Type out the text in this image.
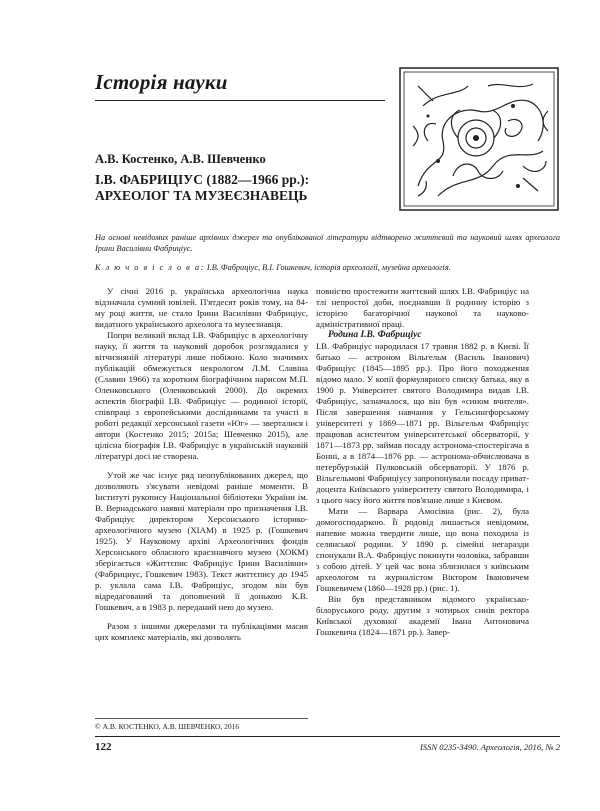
Історія науки
А.В. Костенко, А.В. Шевченко
І.В. ФАБРИЦІУС (1882—1966 рр.):
АРХЕОЛОГ ТА МУЗЕЄЗНАВЕЦЬ
На основі невідомих раніше архівних джерел та опублікованої літератури відтворено життєвий та науковий шлях археолога Ірини Василівни Фабриціус.
К л ю ч о в і с л о в а: І.В. Фабриціус, В.І. Гошкевич, історія археології, музейна археологія.

У січні 2016 р. українська археологічна наука відзначала сумний ювілей. П'ятдесят років тому, на 84-му році життя, не стало Ірини Василівни Фабриціус, видатного українського археолога та музеєзнавця.

Попри великий вклад І.В. Фабриціус в археологічну науку, її життя та науковий доробок розглядалися у вітчизняній літературі лише побіжно. Коло значимих публікацій обмежується некрологом Л.М. Славіна (Славин 1966) та коротким біографічним нарисом М.П. Оленковського (Оленковський 2000). До окремих аспектів біографії І.В. Фабриціус — родинної історії, співпраці з європейськими дослідниками та участі в роботі редакції херсонської газети «Юг» — зверталися і автори (Костенко 2015; 2015а; Шевченко 2015), але цілісна біографія І.В. Фабриціус в українській науковій літературі досі не створена.

Утой же час існує ряд неопублікованих джерел, що дозволяють з'ясувати невідомі раніше моменти. В Інституті рукопису Національної бібліотеки України ім. В. Вернадського наявні матеріали про призначення І.В. Фабриціус директором Херсонського історико-археологічного музею (ХІАМ) в 1925 р. (Гошкевич 1925). У Науковому архіві Археологічних фондів Херсонського обласного краєзнавчого музею (ХОКМ) зберігається «Життєпис Фабриціус Ірини Василівни» (Фабрициус, Гошкевич 1983). Текст життєпису до 1945 р. уклала сама І.В. Фабриціус, згодом він був відредагований та доповнений її донькою К.В. Гошкевич, а в 1983 р. переданий нею до музею.

Разом з іншими джерелами та публікаціями масив цих комплекс матеріалів, які дозволять

повністю простежити життєвий шлях І.В. Фабриціус на тлі непростої доби, поєднавши її родинну історію з історією багаторічної наукової та науково-адміністративної праці.

Родина І.В. Фабриціус

І.В. Фабриціус народилася 17 травня 1882 р. в Києві. Її батько — астроном Вільгельм (Василь Іванович) Фабриціус (1845—1895 рр.). Про його походження відомо мало. У копії формулярного списку батька, яку в 1900 р. Університет святого Володимира видав І.В. Фабриціус, зазначалося, що він був «сином вчителя». Після завершення навчання у Гельсингфорському університеті у 1869—1871 рр. Вільгельм Фабриціус працював асистентом університетської обсерваторії, у 1871—1873 рр. займав посаду астронома-спостерігача в Бонні, а в 1874—1876 рр. — астронома-обчислювача в петербурзькій Пулковській обсерваторії. У 1876 р. Вільгельмові Фабриціусу запропонували посаду приват-доцента Київського університету святого Володимира, і з цього часу його життя пов'язане лише з Києвом.

Мати — Варвара Амосівна (рис. 2), була домогосподаркою. Її родовід лишається невідомим, напевне можна твердити лише, що вона походила із селянської родини. У 1890 р. сімейні негаразди спонукали В.А. Фабриціус покинути чоловіка, забравши з собою дітей. У цей час вона зблизилася з київським археологом та журналістом Віктором Івановичем Гошкевичем (1860—1928 рр.) (рис. 1).

Він був представником відомого українсько-білоруського роду, другим з чотирьох синів ректора Київської духовної академії Івана Антоновича Гошкевича (1824—1871 рр.). Завер-

© А.В. КОСТЕНКО, А.В. ШЕВЧЕНКО, 2016
122	ISSN 0235-3490. Археологія, 2016, № 2
